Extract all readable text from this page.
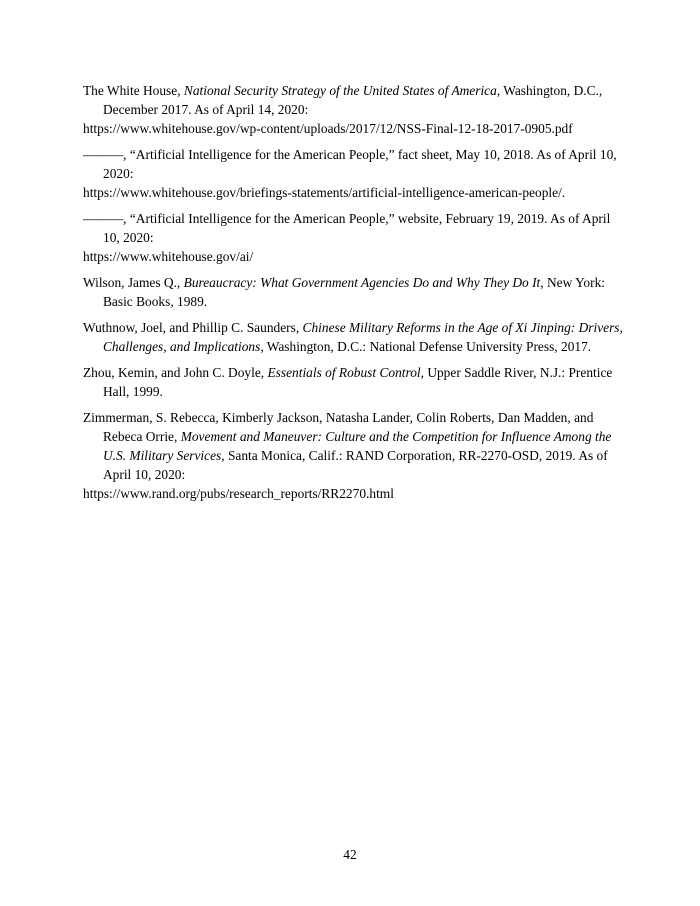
The White House, National Security Strategy of the United States of America, Washington, D.C., December 2017. As of April 14, 2020:
https://www.whitehouse.gov/wp-content/uploads/2017/12/NSS-Final-12-18-2017-0905.pdf
———, “Artificial Intelligence for the American People,” fact sheet, May 10, 2018. As of April 10, 2020:
https://www.whitehouse.gov/briefings-statements/artificial-intelligence-american-people/.
———, “Artificial Intelligence for the American People,” website, February 19, 2019. As of April 10, 2020:
https://www.whitehouse.gov/ai/
Wilson, James Q., Bureaucracy: What Government Agencies Do and Why They Do It, New York: Basic Books, 1989.
Wuthnow, Joel, and Phillip C. Saunders, Chinese Military Reforms in the Age of Xi Jinping: Drivers, Challenges, and Implications, Washington, D.C.: National Defense University Press, 2017.
Zhou, Kemin, and John C. Doyle, Essentials of Robust Control, Upper Saddle River, N.J.: Prentice Hall, 1999.
Zimmerman, S. Rebecca, Kimberly Jackson, Natasha Lander, Colin Roberts, Dan Madden, and Rebeca Orrie, Movement and Maneuver: Culture and the Competition for Influence Among the U.S. Military Services, Santa Monica, Calif.: RAND Corporation, RR-2270-OSD, 2019. As of April 10, 2020:
https://www.rand.org/pubs/research_reports/RR2270.html
42
